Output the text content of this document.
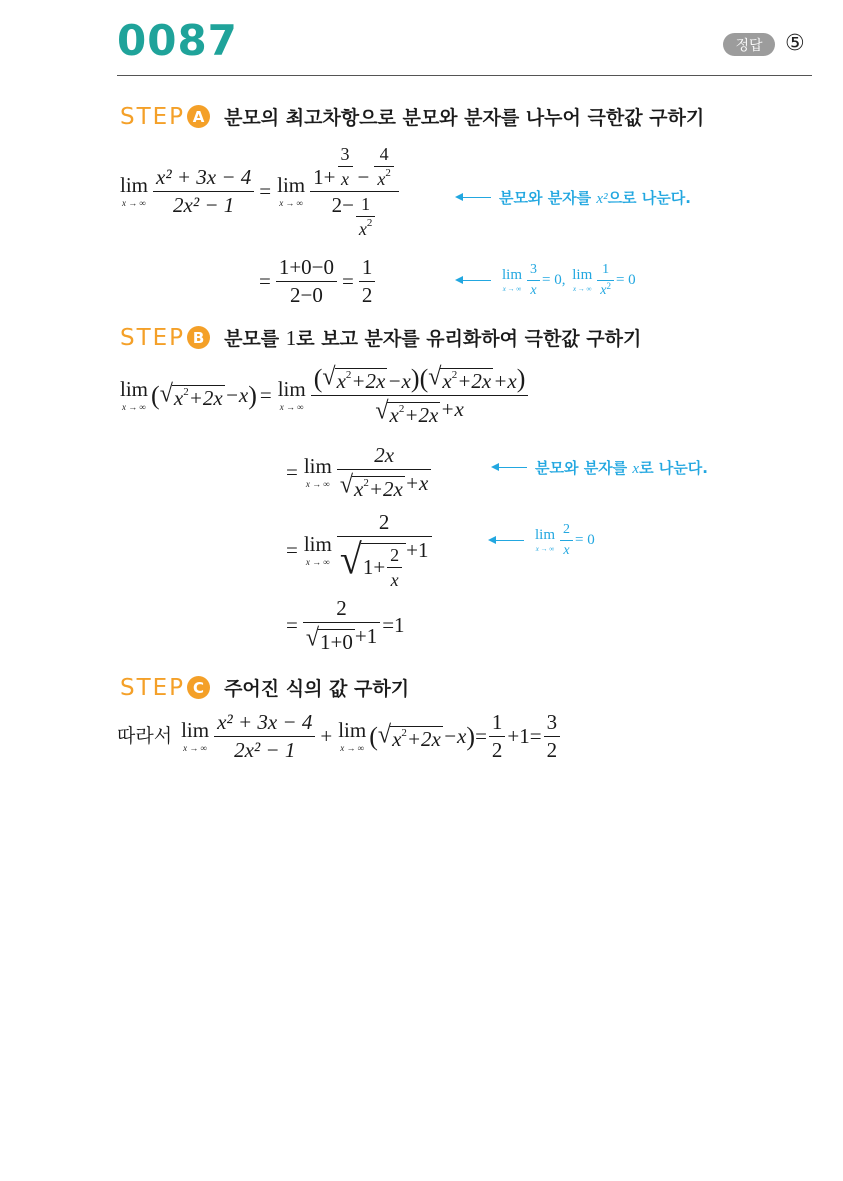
0087	정답	⑤
STEP A	분모의 최고차항으로 분모와 분자를 나누어 극한값 구하기
lim
x → ∞ $\frac{\text{x² + 3x − 4}}{\text{2x² − 1}} = \lim$
x → ∞ $\frac{1+ \frac{3}{x} - \frac{4}{x 2}}{2- \frac{1}{x 2}}$	분모와 분자를 x²으로 나눈다.
= $\frac{1+0-0}{2-0} = \frac{1}{2}$	lim
x → ∞ $\frac{3}{x} = 0$,
lim
x → ∞ $\frac{1}{x 2} = 0$
STEP B	분모를 1로 보고 분자를 유리화하여 극한값 구하기
lim
x → ∞ ( √ $x^2+2x -x$ ) = lim
x → ∞ $\frac{( √ x^2+2x -x ) ( √ x^2+2x +x )}{√ x^2+2x +x}$
= lim
x → ∞ $\frac{2x}{√ x^2+2x +x}$	분모와 분자를 x로 나눈다.
= lim
x → ∞ $\frac{2}{√ 1+ \frac{2}{x} +1}$	lim
x → ∞ $\frac{2}{x} = 0$
= $\frac{2}{√ 1+0 +1} =1$
STEP C	주어진 식의 값 구하기
따라서 lim
x → ∞ $\frac{\text{x² + 3x − 4}}{\text{2x² − 1}} + \lim$
x → ∞ ( √ $x^2+2x -x$ ) = $\frac{1}{2} +1= \frac{3}{2}$
